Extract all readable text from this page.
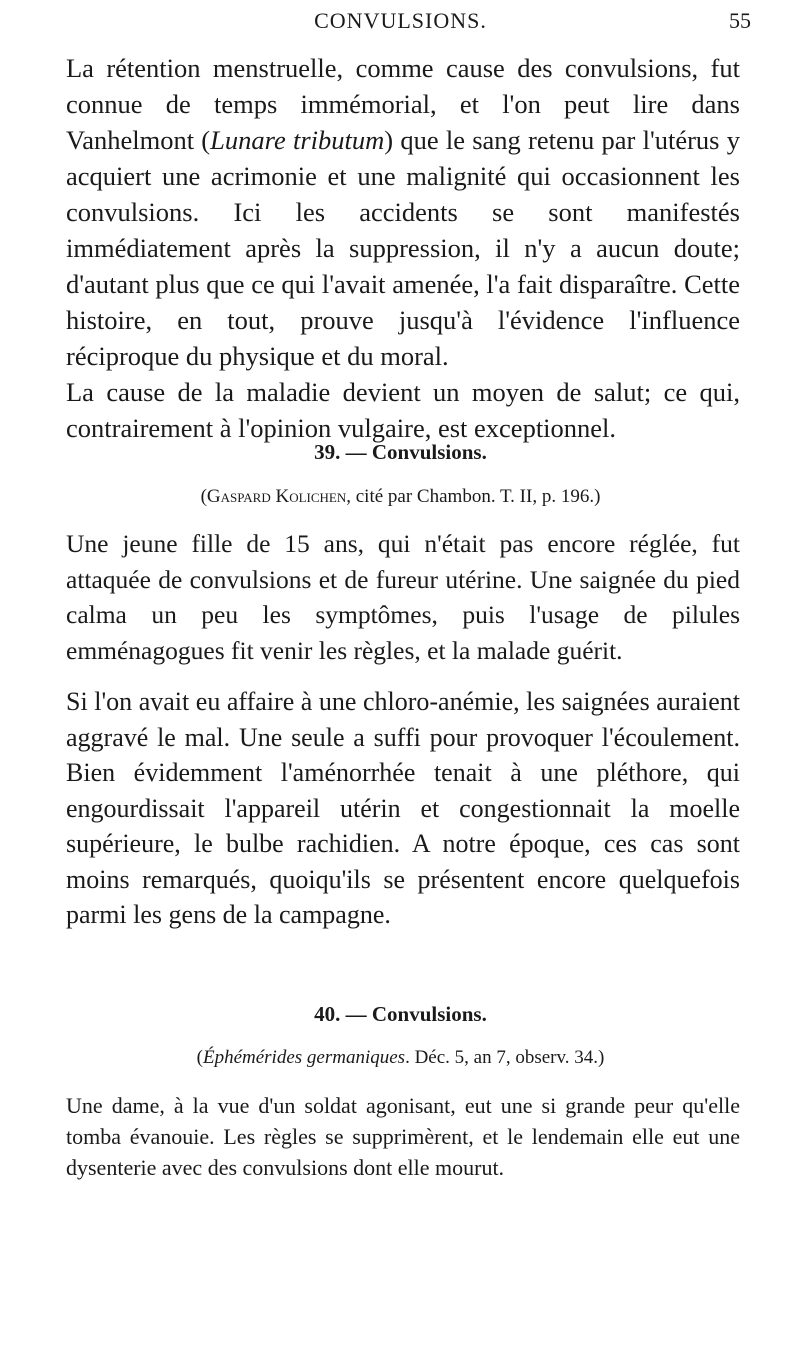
CONVULSIONS.	55

La rétention menstruelle, comme cause des convulsions, fut connue de temps immémorial, et l'on peut lire dans Vanhelmont (Lunare tributum) que le sang retenu par l'utérus y acquiert une acrimonie et une malignité qui occasionnent les convulsions. Ici les accidents se sont manifestés immédiatement après la suppression, il n'y a aucun doute; d'autant plus que ce qui l'avait amenée, l'a fait disparaître. Cette histoire, en tout, prouve jusqu'à l'évidence l'influence réciproque du physique et du moral.
La cause de la maladie devient un moyen de salut; ce qui, contrairement à l'opinion vulgaire, est exceptionnel.

39. — Convulsions.

(Gaspard Kolichen, cité par Chambon. T. II, p. 196.)

Une jeune fille de 15 ans, qui n'était pas encore réglée, fut attaquée de convulsions et de fureur utérine. Une saignée du pied calma un peu les symptômes, puis l'usage de pilules emménagogues fit venir les règles, et la malade guérit.

Si l'on avait eu affaire à une chloro-anémie, les saignées auraient aggravé le mal. Une seule a suffi pour provoquer l'écoulement. Bien évidemment l'aménorrhée tenait à une pléthore, qui engourdissait l'appareil utérin et congestionnait la moelle supérieure, le bulbe rachidien. A notre époque, ces cas sont moins remarqués, quoiqu'ils se présentent encore quelquefois parmi les gens de la campagne.

40. — Convulsions.

(Éphémérides germaniques. Déc. 5, an 7, observ. 34.)

Une dame, à la vue d'un soldat agonisant, eut une si grande peur qu'elle tomba évanouie. Les règles se supprimèrent, et le lendemain elle eut une dysenterie avec des convulsions dont elle mourut.
